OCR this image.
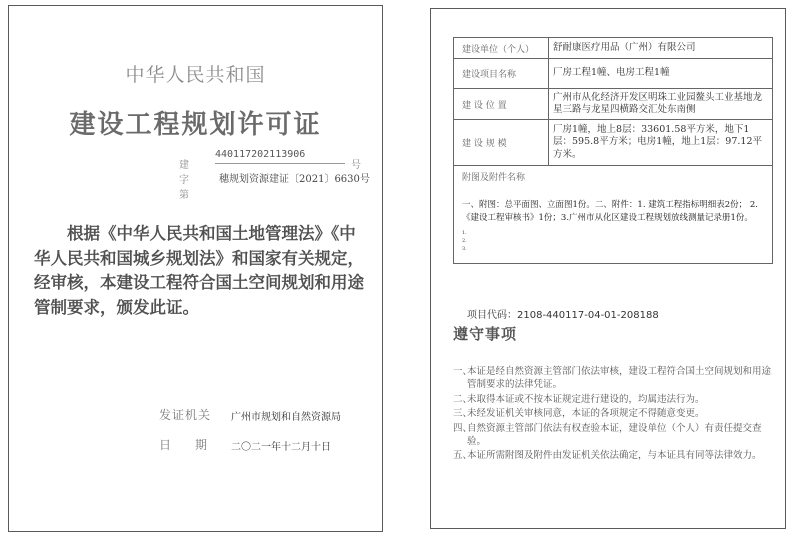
中华人民共和国
建设工程规划许可证
建字第
440117202113906
号
穗规划资源建证〔2021〕6630号
根据《中华人民共和国土地管理法》《中华人民共和国城乡规划法》和国家有关规定，经审核，本建设工程符合国土空间规划和用途管制要求，颁发此证。
发证机关 广州市规划和自然资源局
日 期 二〇二一年十二月十日
建设单位（个人）	舒耐康医疗用品（广州）有限公司
建设项目名称	厂房工程1幢、电房工程1幢
建 设 位 置	广州市从化经济开发区明珠工业园鳌头工业基地龙星三路与龙星四横路交汇处东南侧
建 设 规 模	厂房1幢，地上8层：33601.58平方米，地下1层：595.8平方米；电房1幢，地上1层：97.12平方米。

附图及附件名称
一、附图：总平面图、立面图1份。二、附件：1. 建筑工程指标明细表2份； 2.《建设工程审核书》1份；3.广州市从化区建设工程规划放线测量记录册1份。
1.
2.
3.	
项目代码：2108-440117-04-01-208188
遵守事项
一、
本证是经自然资源主管部门依法审核，建设工程符合国土空间规划和用途管制要求的法律凭证。
二、
未取得本证或不按本证规定进行建设的，均属违法行为。
三、
未经发证机关审核同意，本证的各项规定不得随意变更。
四、
自然资源主管部门依法有权查验本证，建设单位（个人）有责任提交查验。
五、
本证所需附图及附件由发证机关依法确定，与本证具有同等法律效力。
